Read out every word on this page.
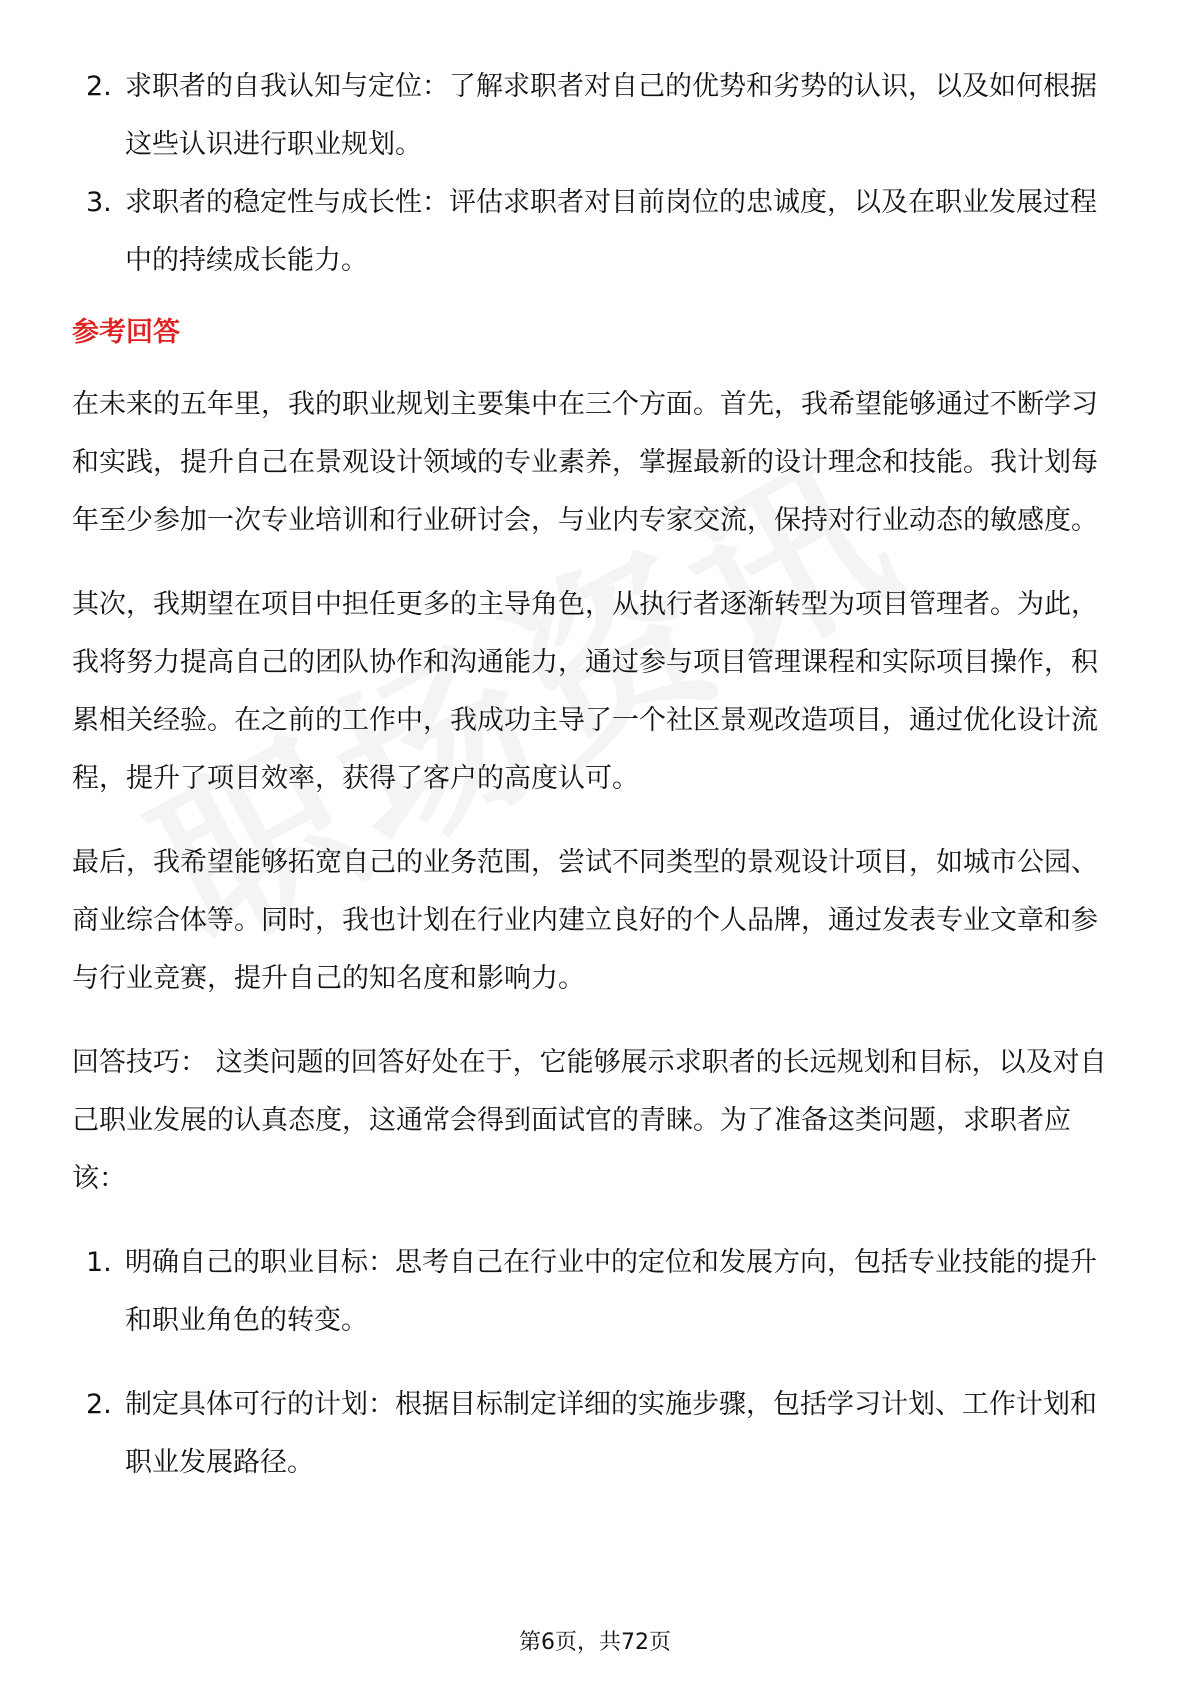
2. 求职者的自我认知与定位：了解求职者对自己的优势和劣势的认识，以及如何根据这些认识进行职业规划。
3. 求职者的稳定性与成长性：评估求职者对目前岗位的忠诚度，以及在职业发展过程中的持续成长能力。
参考回答

在未来的五年里，我的职业规划主要集中在三个方面。首先，我希望能够通过不断学习和实践，提升自己在景观设计领域的专业素养，掌握最新的设计理念和技能。我计划每年至少参加一次专业培训和行业研讨会，与业内专家交流，保持对行业动态的敏感度。

其次，我期望在项目中担任更多的主导角色，从执行者逐渐转型为项目管理者。为此，我将努力提高自己的团队协作和沟通能力，通过参与项目管理课程和实际项目操作，积累相关经验。在之前的工作中，我成功主导了一个社区景观改造项目，通过优化设计流程，提升了项目效率，获得了客户的高度认可。

最后，我希望能够拓宽自己的业务范围，尝试不同类型的景观设计项目，如城市公园、商业综合体等。同时，我也计划在行业内建立良好的个人品牌，通过发表专业文章和参与行业竞赛，提升自己的知名度和影响力。

回答技巧： 这类问题的回答好处在于，它能够展示求职者的长远规划和目标，以及对自己职业发展的认真态度，这通常会得到面试官的青睐。为了准备这类问题，求职者应该：

1. 明确自己的职业目标：思考自己在行业中的定位和发展方向，包括专业技能的提升和职业角色的转变。
2. 制定具体可行的计划：根据目标制定详细的实施步骤，包括学习计划、工作计划和职业发展路径。
第6页，共72页
